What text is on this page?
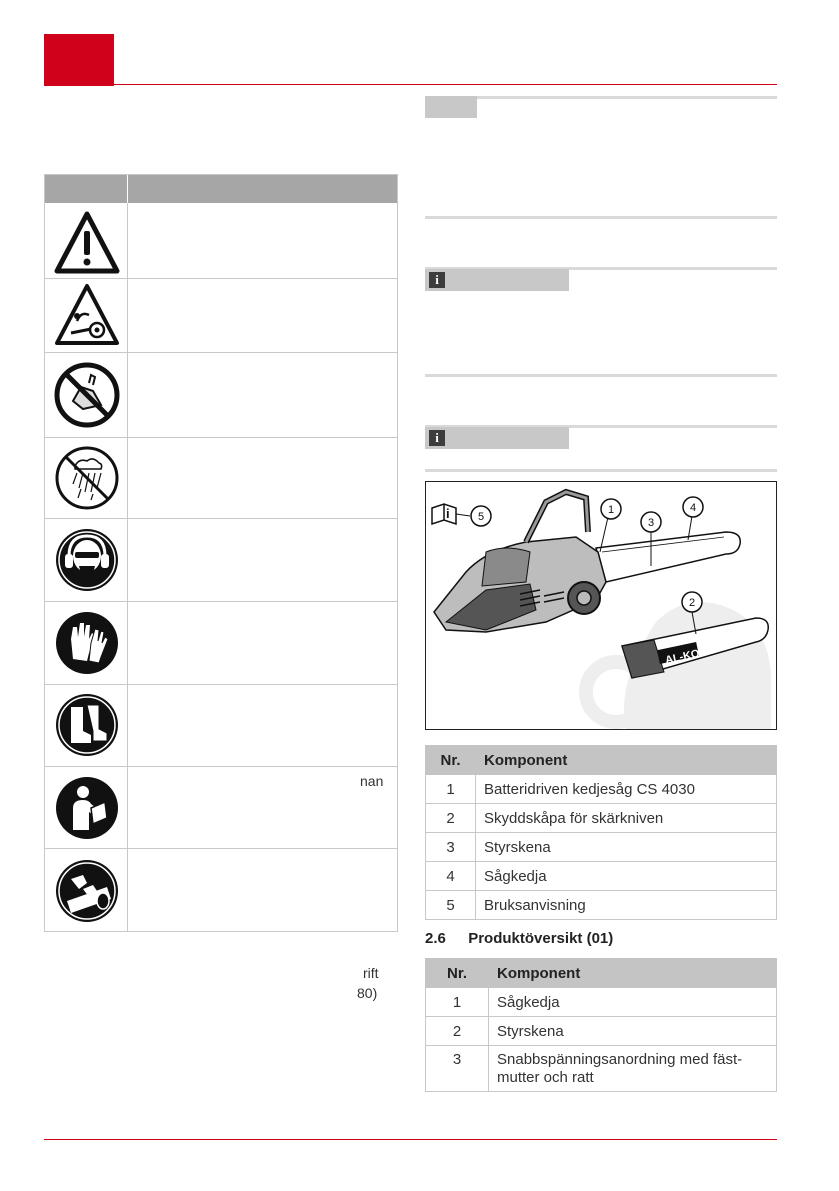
nan
rift
80)
i
i
i
AL-KO
5
1
3
4
2
Nr.	Komponent
1	Batteridriven kedjesåg CS 4030
2	Skyddskåpa för skärkniven
3	Styrskena
4	Sågkedja
5	Bruksanvisning
2.6 Produktöversikt (01)
Nr.	Komponent
1	Sågkedja
2	Styrskena
3	Snabbspänningsanordning med fäst-
mutter och ratt
